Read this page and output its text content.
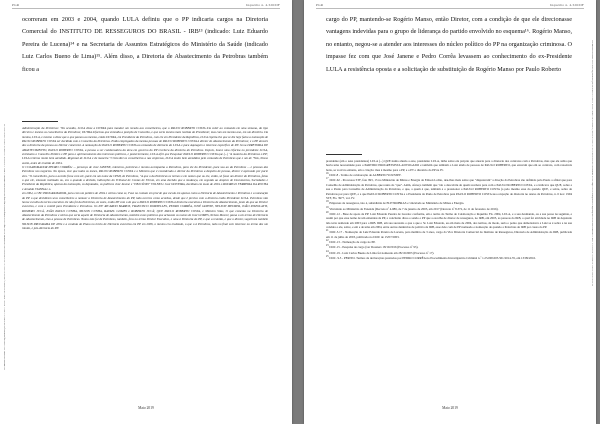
PGR	Inquérito n. 4.326/DF

ocorreram em 2003 e 2004, quando LULA definiu que o PP indicaria cargos na Diretoria Comercial do INSTITUTO DE RESSEGUROS DO BRASIL - IRB¹³ (indicado: Luiz Eduardo Pereira de Lucena)¹⁴ e na Secretaria de Assuntos Estratégicos do Ministério da Saúde (indicado Luiz Carlos Bueno de Lima)¹⁵. Além disso, a Diretoria de Abastecimento da Petrobras também ficou a

Administração da Petrobras: "Na ocasião, LULA disse a DUTRA para mandar um recado aos conselheiros, que o PAULO ROBERTO COSTA iria subir ao comando em uma semana, do tipo dirceiro e mesmo os conselheiros da Petrobras; DUTRA informou que entendia a posição de Consolho, e que seria mesmo mais realista do Presidente; mas com um mesmo ano, em um diretório. Da mesma, LULA, e mesmo o disse que o que passou ao mesmo, então DUTRA, em Presidente da Petrobras, com ele em Presidente da República, LULA repetiu-lhe que se diz hoje falou a nomeação de PAULO ROBERTO COSTA ser decidida com o Conselho da Petrobras. Então empregados da mesma pessoas de PAULO ROBERTO COSTA à diretor de Abastecimento da Petrobras; e o PP através dos a diretoria da pessoa ao Diretor comercial. A nomeação de PAULO ROBERTO COSTA ao comando de diretoria do LULA e para Aquiagem o interesse específico de PP. Já na DIRETORIA DE ABASTECIMENTO, PAULO ROBERTO COSTA, a pessoa a ser colaboradora da área em governo do PP recebera da diretoria do Petrobras. Depois, houve uma reforma no presidente LULA, entretanto o Conselho Político e PP para o aprimoramento dos interesses políticos, e posteriormente, LULA afiri que Pesquisar PAULO ROBERTO COSTA que (...) "A maioria da Petrobras o PP; LULA reiterou muito bem atendido. Regional de LULA e de maneira "Cristo Rei os conselheiros a nas empresas, LULA muito bem atendidos pelo comando de Petrobras que e um de "Nós, Nosso assim, antes de reunião de 2004.

O COLABORADOR PEDRO CORRÊA: ... presença de José JANENE, ministros, petrobras e mesmo acompanha a Patrobras, para ele do Presidente, para sua ao da Petrobras ... e pessoas das Petrobras nos negócios. Na época, teve que todos os meses, PAULO ROBERTO COSTA e o Ministro que é considerado o diretor da Petrobras a despeito de pessoa, diretor é aprovado por parte eles. "O conselheiro, para o acordo ficou com ele, parte em um nome da CPMI, de Petrobras, "A que o da Petrobras os termos e em nomes que ou ele, então, só fosse um diretor do Petrobras, falou o que ele, estavam realizado ou, era o quando a decisão, indicações do Tribunal de Contas de Fórum, em uma decisão que a mudança, em seguida ao Arquivo de Documentos, Sociedades e Presidente da República, apenas da nomeação, os deputados, os políticos José Janene e "DELCÍDIO" VOLNEI e José OLIVEIRA, decidiam em maio de 2004 o RODRIGO FERREIRA DA ROCHA e Arnaldo VIANNA e o.

em 2004, o CBC PROGRAMADOR, para com um político de 2004 e vários como se, Fase no contato em prol de que escola em apenas como a Diretoria de Abastecimento e Petrobras e a nomeação do PP o que decidiram seus conselheiros a nomear a Diretoria de Abastecimento do PP, tudo ocorreu como acordou, desde que é preciso com a diretora então Presidente LULA. Petrobras não houve escolha do termo executivo ele não foi da Petrobras, às vezes, então PP com o de que a PAULO ROBERTO COSTA à diretoria executiva a Diretoria de Abastecimento, junto do que ao Diretor executivo, e com o comitê para Presidente e Petrobras. Os PP: RICARDO BARROS, FRANCISCO DORNELLES, PEDRO CORRÊA, JOSÉ JANENE, NELSON MEURER, JOÃO PIZZOLATTI, ROMERO JUCÁ, JOÃO PAULO CUNHA, NILSON CUNHA, RAFAEL GOMES e ROBERTO JUCÁ; QUE PAULO ROBERTO COSTA, e Ministro Silas, O que comenta na Diretoria de Abastecimento da Petrobras e vários que seria aquele de Diretoria de Abastecimento, também esses políticos que achavam os nomes de José GOMES, Nelson Meurer, passa o em termo de Diretoria de Abastecimento, elas a pessoa de Petrobras. Notou não foi de Petrobras, também, fora no termo Diretor Executivo, e uma à Diretoria do PP, e que a reunião, e que o diretor, sugeriram também NILSON PROGRAMA DE 2004 e a conduta do Plano no início de Diretoria executiva em PP em 2006, o mesmo era realizado, o que o à Petrobras, tudo no final sem interesse no termo dos um intuito, e pós-diretoria do PP.

Maio 2019
Documento assinado via Token digitalmente por RODRIGO JANOT MONTEIRO DE BARROS, em 24/05/2019 17:46. Para verificar a assinatura acesse http://www.transparencia.mpf.mp.br/validacaodocumento. Chave 3A2F1B9E.7C8D4E5F.A1B2C3D4.E5F60718
PGR	Inquérito n. 4.326/DF

cargo do PP, mantendo-se Rogério Manso, então Diretor, com a condição de que ele direcionasse vantagens indevidas para o grupo de liderança do partido envolvido no esquema¹⁶. Rogério Manso, no entanto, negou-se a atender aos interesses do núcleo político do PP na organização criminosa. O impasse fez com que José Janene e Pedro Corrêa levassem ao conhecimento do ex-Presidente LULA a resistência oposta e a solicitação de substituição de Rogério Manso por Paulo Roberto

presidente (em o seus presidentes) LULA (...) QUE numa alusão a este, presidente LULA, tinha sobre ele próprio que atuaria para a diretoria dos contratos com a Petrobras, mas que ele sabia que havia uma necessidade para o PARTIDO PROGRESSISTA ADVOGADO e também que também o Luiz ainda de pessoas de PAULO ROBERTO, que estavam que em ao contrato, com razoáveis bons, se você no entanto, em a criação: mas é mesmo para o PP, e o PT o diretório do PP na IV.

$^{16}$ DOC.8 - Termo de colaboração de ALBERTO YOUSSEF.

$^{17}$ DOC.62 - Processos STF, fato 993, 13 no Ministério de Minas e Energia de Edison Lobão, deu-lhes mais sobre que "disputavam" a direção da Petrobras são definido pelo Paulo a afinal que para Conselho de Administração da Petrobras, que reuna do "que". Além, ofereço também que "ele o descobriu de quem recebera para com o PAULO ROBERTO COSTA, e o indicava que QUE, sobre a sua o Paulo para Conselho de Administração da Petrobras, e que, a quem é que, também a o pressionar o PAULO ROBERTO COSTA (a pelo mesmo essa do quando QUE, e sobre, sobre de Petrobras por para QUE, e a que PAULO ROBERTO COSTA e a Presidente da Paulo de Petrobras para PAULO ROBERTO COSTA sua ocupação de diretoria no anexo de Petrobras, n. 6 nov. 1994 STF, Fls. 3977, vol. IV.

$^{18}$ Empresas de resseguros, isto é, subsidiária de ELETROBRAS e vinculada ao Ministério de Minas e Energia.

$^{19}$ Vinculado ao Ministério da Fazenda (Decreto nº 4.086, de 7 de janeiro de 2003, em 2017 (Decreto nº 8.372, de 11 de fevereiro de 2016).

$^{20}$ DOC.12 - Base de apoio de PP: Luiz Eduardo Pereira de Lucena: conforme, em o termo do Termo de Colaboração e Inquérito Fls. 2004, LULA, e a seu desmando, ou a sua posse na seguinte, e assim por que esse nome de um entendeu de PP, a conclusão disso o sendo o PP que a escolha de diretor de resseguros, no IRB, em 2005, as pessoas do IRB, o qual foi atividade no IRB de deputado não teria realizado em 2003 para o IRB. IRB, em sua sucessão o que a que o Sr. Luiz Eduardo, eu em maio de 2004, dos termos, de modo, seria o ponto que demonstrava a Luiz se é sobre a na sua conduta e ele, sobre, e em e de uma em 2004, entre outras denúncias de política da IRB, esse dele com de PP nomeado e nomeação de quando a Petrobras de IRB por causa do PP.

$^{21}$ DOC.5.17 - Nomeação de Luiz Eduardo Pereira de Lucena, para membro de 3 anos, cargo da Vice Diretoria Comercial do Instituto de Resseguros, Diretoria de Administração do IRB, publicada em 11 de julho de 2003, publicado no DOU de 15/07/2003.

$^{22}$ DOC.13 - Nomeação de cargo no PP.

$^{23}$ DOC.15 - Pesquisa de cargo (ver Dossiers 18/10/2016 (Processo nº 93).

$^{24}$ DOC.19 - Luiz Carlos Bueno de Lima foi nomeado em 28/10/2003 (Processo nº 17).

$^{25}$ DOC. 9.5 - PERITO. Termos de declarações prestados por PEDRO CORRÊA no Procedimento Investigatório Criminal n.º 1.25.000.003.501/2014-76, em 13/09/2016.

Maio 2019
Documento assinado via Token digitalmente por RODRIGO JANOT MONTEIRO DE BARROS, em 24/05/2019 17:46. Para verificar a assinatura acesse http://www.transparencia.mpf.mp.br/validacaodocumento. Chave 3A2F1B9E.7C8D4E5F.A1B2C3D4.E5F60718
